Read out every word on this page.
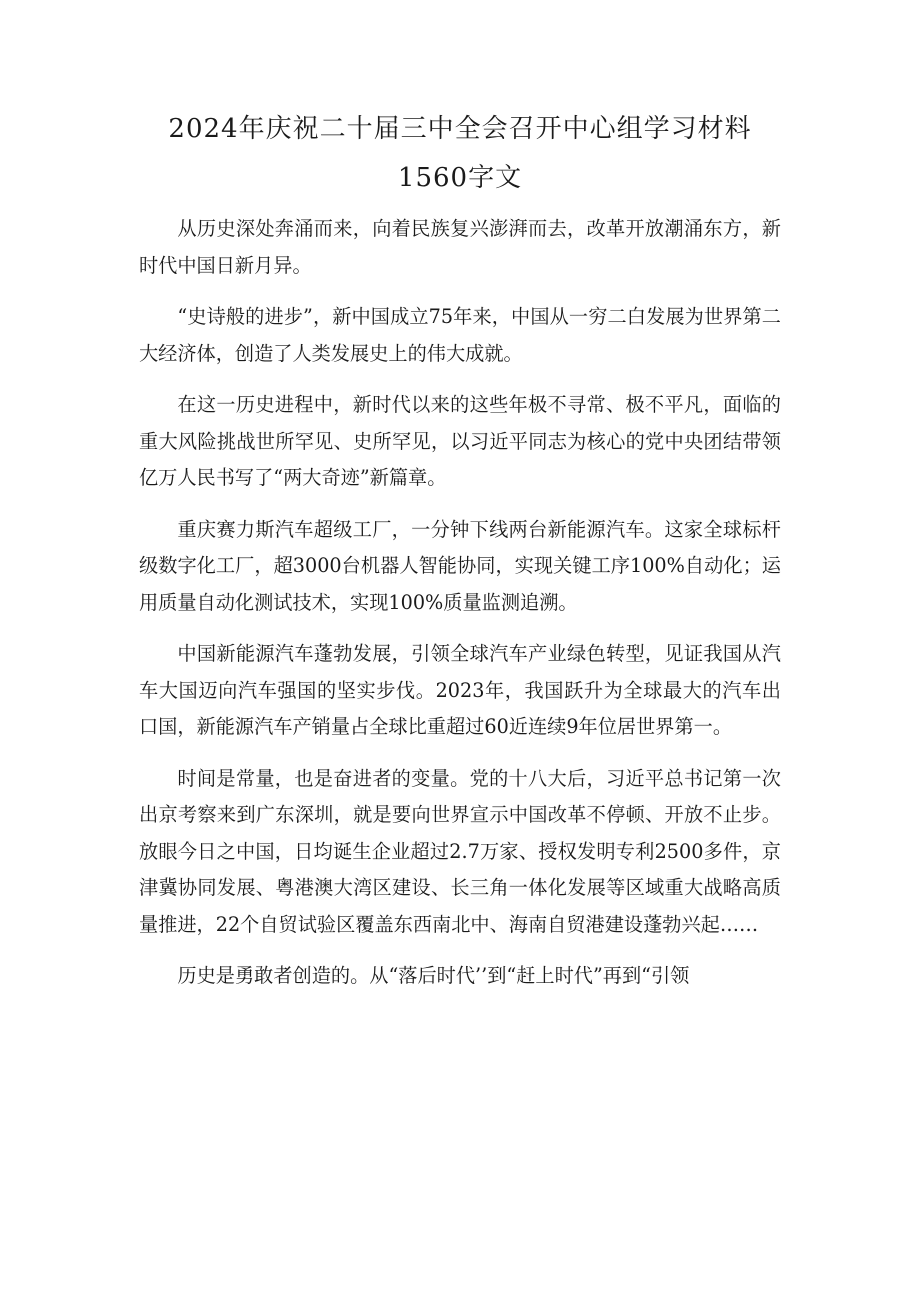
2024年庆祝二十届三中全会召开中心组学习材料
1560字文

从历史深处奔涌而来，向着民族复兴澎湃而去，改革开放潮涌东方，新时代中国日新月异。

“史诗般的进步”，新中国成立75年来，中国从一穷二白发展为世界第二大经济体，创造了人类发展史上的伟大成就。

在这一历史进程中，新时代以来的这些年极不寻常、极不平凡，面临的重大风险挑战世所罕见、史所罕见，以习近平同志为核心的党中央团结带领亿万人民书写了“两大奇迹”新篇章。

重庆赛力斯汽车超级工厂，一分钟下线两台新能源汽车。这家全球标杆级数字化工厂，超3000台机器人智能协同，实现关键工序100%自动化；运用质量自动化测试技术，实现100%质量监测追溯。

中国新能源汽车蓬勃发展，引领全球汽车产业绿色转型，见证我国从汽车大国迈向汽车强国的坚实步伐。2023年，我国跃升为全球最大的汽车出口国，新能源汽车产销量占全球比重超过60近连续9年位居世界第一。

时间是常量，也是奋进者的变量。党的十八大后，习近平总书记第一次出京考察来到广东深圳，就是要向世界宣示中国改革不停顿、开放不止步。放眼今日之中国，日均诞生企业超过2.7万家、授权发明专利2500多件，京津冀协同发展、粤港澳大湾区建设、长三角一体化发展等区域重大战略高质量推进，22个自贸试验区覆盖东西南北中、海南自贸港建设蓬勃兴起……

历史是勇敢者创造的。从“落后时代’’到“赶上时代”再到“引领
